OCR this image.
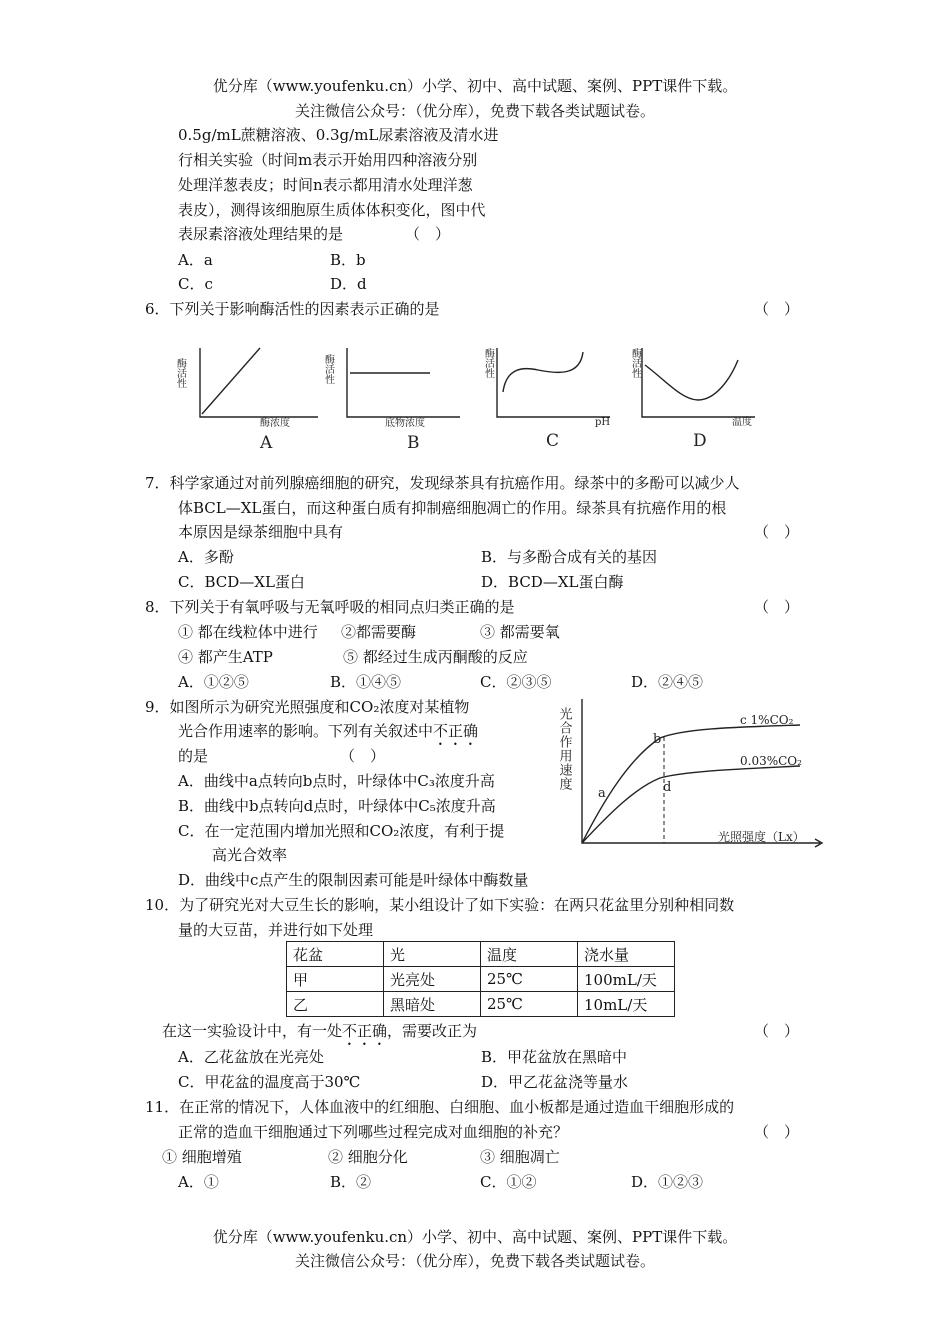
优分库（www.youfenku.cn）小学、初中、高中试题、案例、PPT课件下载。
关注微信公众号：（优分库），免费下载各类试题试卷。
0.5g/mL蔗糖溶液、0.3g/mL尿素溶液及清水进
行相关实验（时间m表示开始用四种溶液分别
处理洋葱表皮；时间n表示都用清水处理洋葱
表皮），测得该细胞原生质体体积变化，图中代
表尿素溶液处理结果的是	（　）
A．a	B．b
C．c	D．d
6．下列关于影响酶活性的因素表示正确的是	（　）
酶活性
酶浓度
酶活性
底物浓度
酶活性
pH
酶活性
温度
A	B	C	D
7．科学家通过对前列腺癌细胞的研究，发现绿茶具有抗癌作用。绿茶中的多酚可以减少人
体BCL—XL蛋白，而这种蛋白质有抑制癌细胞凋亡的作用。绿茶具有抗癌作用的根
本原因是绿茶细胞中具有	（　）
A．多酚	B．与多酚合成有关的基因
C．BCD—XL蛋白	D．BCD—XL蛋白酶
8．下列关于有氧呼吸与无氧呼吸的相同点归类正确的是	（　）
① 都在线粒体中进行 ②都需要酶	③ 都需要氧
④ 都产生ATP	⑤ 都经过生成丙酮酸的反应
A．①②⑤	B．①④⑤	C．②③⑤	D．②④⑤
9．如图所示为研究光照强度和CO₂浓度对某植物
光合作用速率的影响。下列有关叙述中不正确
的是	（　）
A．曲线中a点转向b点时，叶绿体中C₃浓度升高
B．曲线中b点转向d点时，叶绿体中C₅浓度升高
C．在一定范围内增加光照和CO₂浓度，有利于提
高光合效率
D．曲线中c点产生的限制因素可能是叶绿体中酶数量
光合作用速度
光照强度（Lx）
c 1%CO₂
0.03%CO₂
a
b
d
10．为了研究光对大豆生长的影响，某小组设计了如下实验：在两只花盆里分别种相同数
量的大豆苗，并进行如下处理
花盆	光	温度	浇水量
甲	光亮处	25℃	100mL/天
乙	黑暗处	25℃	10mL/天
在这一实验设计中，有一处不正确，需要改正为	（　）
A．乙花盆放在光亮处	B．甲花盆放在黑暗中
C．甲花盆的温度高于30℃	D．甲乙花盆浇等量水
11．在正常的情况下，人体血液中的红细胞、白细胞、血小板都是通过造血干细胞形成的
正常的造血干细胞通过下列哪些过程完成对血细胞的补充？	（　）
① 细胞增殖	② 细胞分化	③ 细胞凋亡
A．①	B．②	C．①②	D．①②③
优分库（www.youfenku.cn）小学、初中、高中试题、案例、PPT课件下载。
关注微信公众号：（优分库），免费下载各类试题试卷。
